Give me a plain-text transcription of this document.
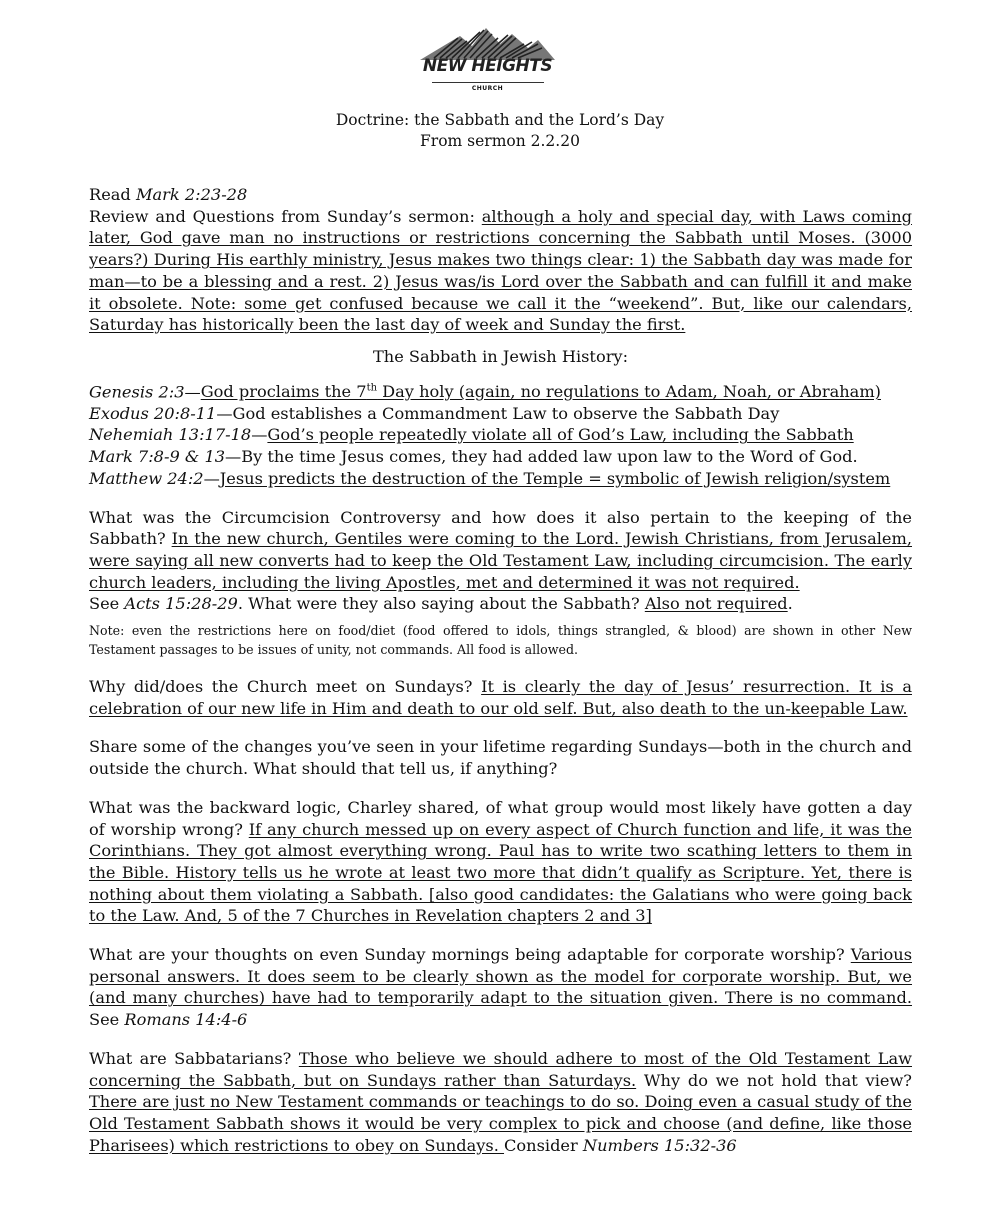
NEW HEIGHTS
CHURCH
Doctrine: the Sabbath and the Lord’s Day
From sermon 2.2.20

Read Mark 2:23-28

Review and Questions from Sunday’s sermon: although a holy and special day, with Laws coming later, God gave man no instructions or restrictions concerning the Sabbath until Moses. (3000 years?) During His earthly ministry, Jesus makes two things clear: 1) the Sabbath day was made for man—to be a blessing and a rest. 2) Jesus was/is Lord over the Sabbath and can fulfill it and make it obsolete. Note: some get confused because we call it the “weekend”. But, like our calendars, Saturday has historically been the last day of week and Sunday the first.

The Sabbath in Jewish History:

Genesis 2:3—God proclaims the 7th Day holy (again, no regulations to Adam, Noah, or Abraham)

Exodus 20:8-11—God establishes a Commandment Law to observe the Sabbath Day

Nehemiah 13:17-18—God’s people repeatedly violate all of God’s Law, including the Sabbath

Mark 7:8-9 & 13—By the time Jesus comes, they had added law upon law to the Word of God.

Matthew 24:2—Jesus predicts the destruction of the Temple = symbolic of Jewish religion/system

What was the Circumcision Controversy and how does it also pertain to the keeping of the Sabbath? In the new church, Gentiles were coming to the Lord. Jewish Christians, from Jerusalem, were saying all new converts had to keep the Old Testament Law, including circumcision. The early church leaders, including the living Apostles, met and determined it was not required.

See Acts 15:28-29. What were they also saying about the Sabbath? Also not required.

Note: even the restrictions here on food/diet (food offered to idols, things strangled, & blood) are shown in other New Testament passages to be issues of unity, not commands. All food is allowed.

Why did/does the Church meet on Sundays? It is clearly the day of Jesus’ resurrection. It is a celebration of our new life in Him and death to our old self. But, also death to the un-keepable Law.

Share some of the changes you’ve seen in your lifetime regarding Sundays—both in the church and outside the church. What should that tell us, if anything?

What was the backward logic, Charley shared, of what group would most likely have gotten a day of worship wrong? If any church messed up on every aspect of Church function and life, it was the Corinthians. They got almost everything wrong. Paul has to write two scathing letters to them in the Bible. History tells us he wrote at least two more that didn’t qualify as Scripture. Yet, there is nothing about them violating a Sabbath. [also good candidates: the Galatians who were going back to the Law. And, 5 of the 7 Churches in Revelation chapters 2 and 3]

What are your thoughts on even Sunday mornings being adaptable for corporate worship? Various personal answers. It does seem to be clearly shown as the model for corporate worship. But, we (and many churches) have had to temporarily adapt to the situation given. There is no command. See Romans 14:4-6

What are Sabbatarians? Those who believe we should adhere to most of the Old Testament Law concerning the Sabbath, but on Sundays rather than Saturdays. Why do we not hold that view? There are just no New Testament commands or teachings to do so. Doing even a casual study of the Old Testament Sabbath shows it would be very complex to pick and choose (and define, like those Pharisees) which restrictions to obey on Sundays. Consider Numbers 15:32-36
